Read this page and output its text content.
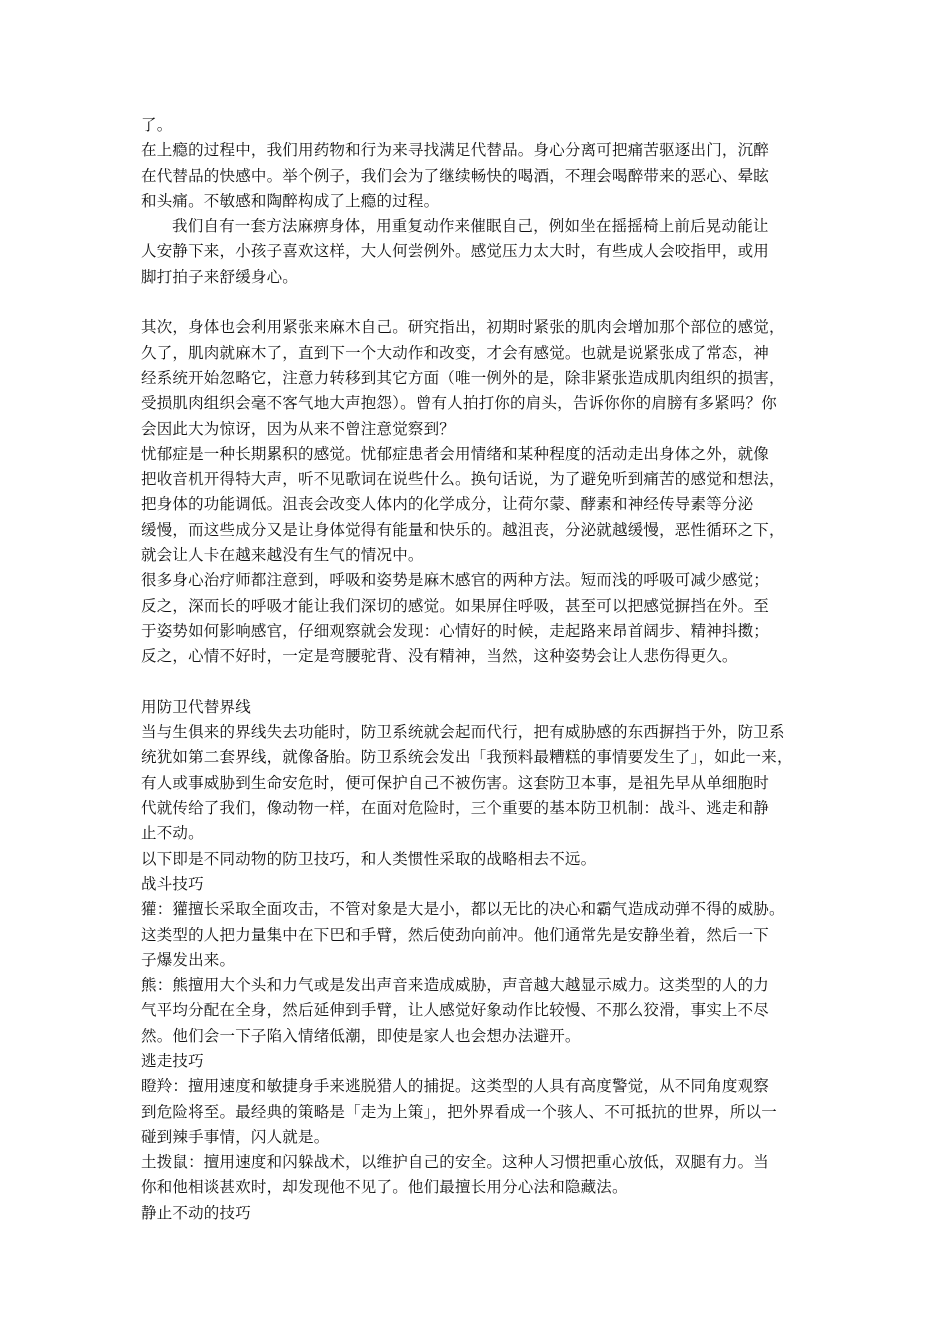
了。

在上瘾的过程中，我们用药物和行为来寻找满足代替品。身心分离可把痛苦驱逐出门，沉醉

在代替品的快感中。举个例子，我们会为了继续畅快的喝酒，不理会喝醉带来的恶心、晕眩

和头痛。不敏感和陶醉构成了上瘾的过程。

我们自有一套方法麻痹身体，用重复动作来催眠自己，例如坐在摇摇椅上前后晃动能让

人安静下来，小孩子喜欢这样，大人何尝例外。感觉压力太大时，有些成人会咬指甲，或用

脚打拍子来舒缓身心。

其次，身体也会利用紧张来麻木自己。研究指出，初期时紧张的肌肉会增加那个部位的感觉，

久了，肌肉就麻木了，直到下一个大动作和改变，才会有感觉。也就是说紧张成了常态，神

经系统开始忽略它，注意力转移到其它方面（唯一例外的是，除非紧张造成肌肉组织的损害，

受损肌肉组织会毫不客气地大声抱怨）。曾有人拍打你的肩头，告诉你你的肩膀有多紧吗？你

会因此大为惊讶，因为从来不曾注意觉察到？

忧郁症是一种长期累积的感觉。忧郁症患者会用情绪和某种程度的活动走出身体之外，就像

把收音机开得特大声，听不见歌词在说些什么。换句话说，为了避免听到痛苦的感觉和想法，

把身体的功能调低。沮丧会改变人体内的化学成分，让荷尔蒙、酵素和神经传导素等分泌

缓慢，而这些成分又是让身体觉得有能量和快乐的。越沮丧，分泌就越缓慢，恶性循环之下，

就会让人卡在越来越没有生气的情况中。

很多身心治疗师都注意到，呼吸和姿势是麻木感官的两种方法。短而浅的呼吸可减少感觉；

反之，深而长的呼吸才能让我们深切的感觉。如果屏住呼吸，甚至可以把感觉摒挡在外。至

于姿势如何影响感官，仔细观察就会发现：心情好的时候，走起路来昂首阔步、精神抖擞；

反之，心情不好时，一定是弯腰驼背、没有精神，当然，这种姿势会让人悲伤得更久。

用防卫代替界线

当与生俱来的界线失去功能时，防卫系统就会起而代行，把有威胁感的东西摒挡于外，防卫系

统犹如第二套界线，就像备胎。防卫系统会发出「我预料最糟糕的事情要发生了」，如此一来，

有人或事威胁到生命安危时，便可保护自己不被伤害。这套防卫本事，是祖先早从单细胞时

代就传给了我们，像动物一样，在面对危险时，三个重要的基本防卫机制：战斗、逃走和静

止不动。

以下即是不同动物的防卫技巧，和人类惯性采取的战略相去不远。

战斗技巧

獾：獾擅长采取全面攻击，不管对象是大是小，都以无比的决心和霸气造成动弹不得的威胁。

这类型的人把力量集中在下巴和手臂，然后使劲向前冲。他们通常先是安静坐着，然后一下

子爆发出来。

熊：熊擅用大个头和力气或是发出声音来造成威胁，声音越大越显示威力。这类型的人的力

气平均分配在全身，然后延伸到手臂，让人感觉好象动作比较慢、不那么狡滑，事实上不尽

然。他们会一下子陷入情绪低潮，即使是家人也会想办法避开。

逃走技巧

瞪羚：擅用速度和敏捷身手来逃脱猎人的捕捉。这类型的人具有高度警觉，从不同角度观察

到危险将至。最经典的策略是「走为上策」，把外界看成一个骇人、不可抵抗的世界，所以一

碰到辣手事情，闪人就是。

土拨鼠：擅用速度和闪躲战术，以维护自己的安全。这种人习惯把重心放低，双腿有力。当

你和他相谈甚欢时，却发现他不见了。他们最擅长用分心法和隐藏法。

静止不动的技巧
